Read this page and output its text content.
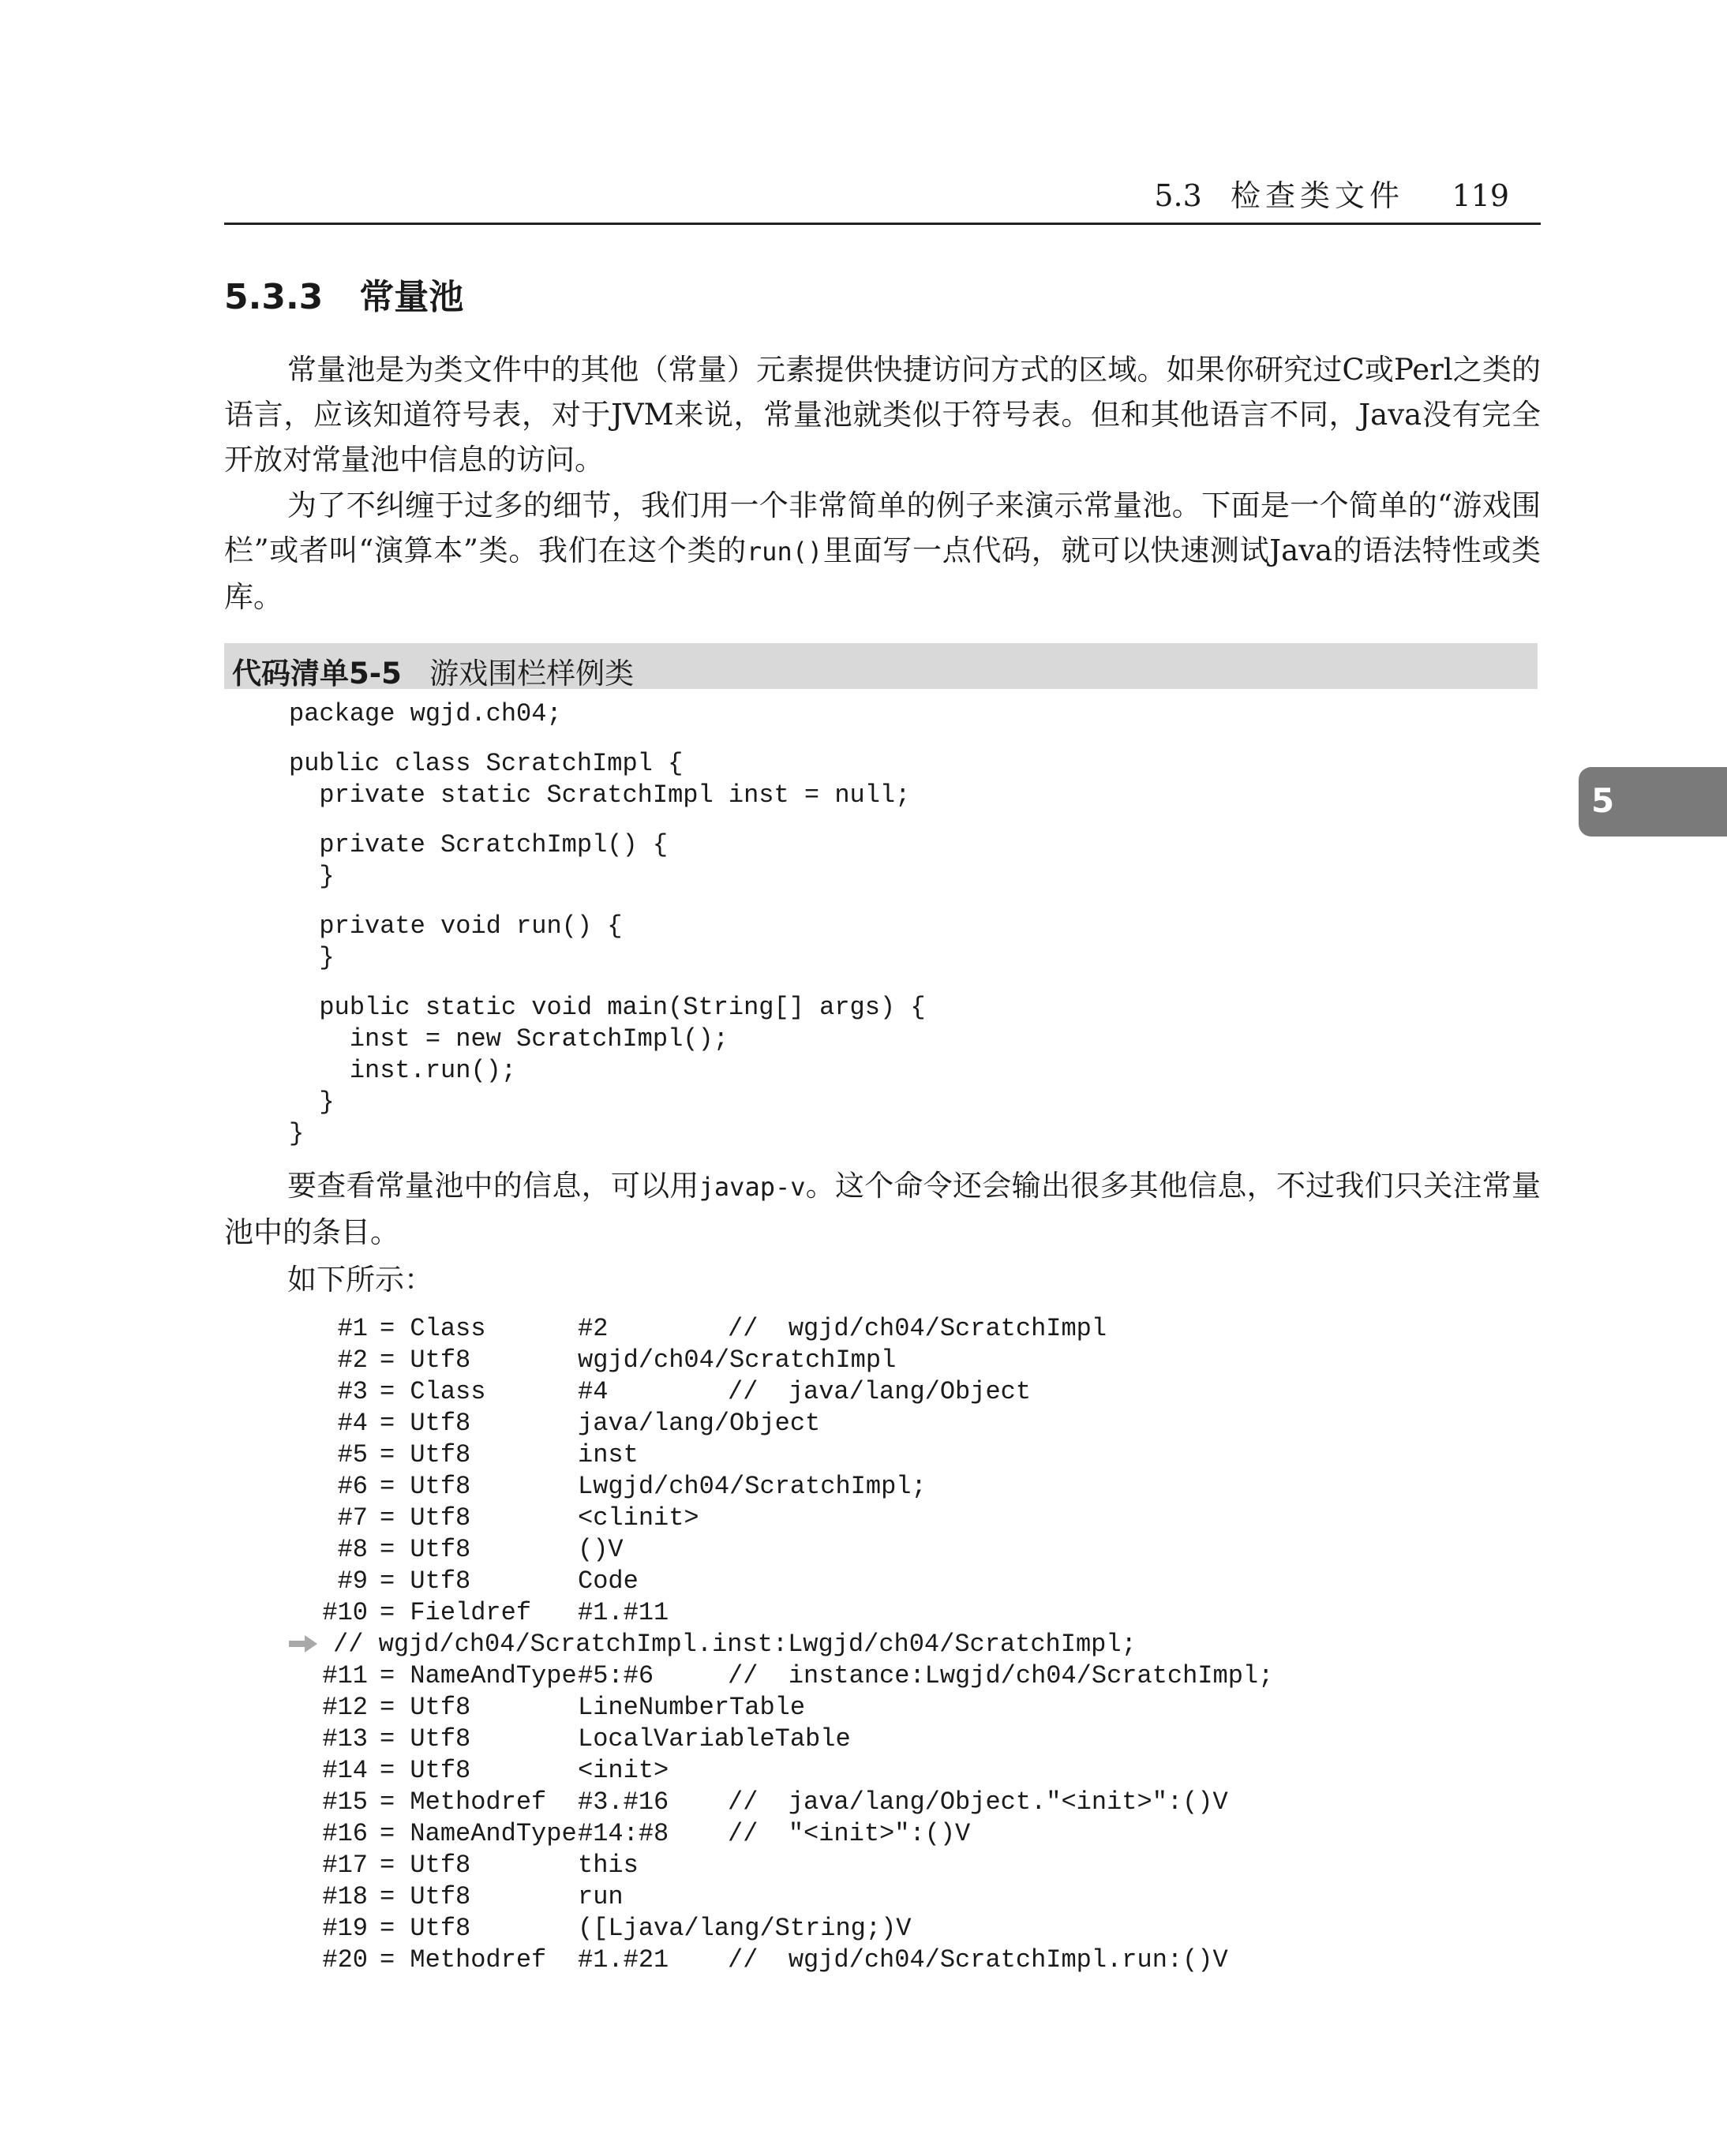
5.3 检查类文件 119
5.3.3 常量池

常量池是为类文件中的其他（常量）元素提供快捷访问方式的区域。如果你研究过C或Perl之类的语言，应该知道符号表，对于JVM来说，常量池就类似于符号表。但和其他语言不同，Java没有完全开放对常量池中信息的访问。

为了不纠缠于过多的细节，我们用一个非常简单的例子来演示常量池。下面是一个简单的“游戏围栏”或者叫“演算本”类。我们在这个类的run()里面写一点代码，就可以快速测试Java的语法特性或类库。

代码清单5-5 游戏围栏样例类
package wgjd.ch04;
public class ScratchImpl {
private static ScratchImpl inst = null;
private ScratchImpl() {
}
private void run() {
}
public static void main(String[] args) {
inst = new ScratchImpl();
inst.run();
}
}
5

要查看常量池中的信息，可以用javap-v。这个命令还会输出很多其他信息，不过我们只关注常量池中的条目。

如下所示：

#1 = Class	#2	//  wgjd/ch04/ScratchImpl
#2 = Utf8	wgjd/ch04/ScratchImpl
#3 = Class	#4	//  java/lang/Object
#4 = Utf8	java/lang/Object
#5 = Utf8	inst
#6 = Utf8	Lwgjd/ch04/ScratchImpl;
#7 = Utf8	<clinit>
#8 = Utf8	()V
#9 = Utf8	Code
#10 = Fieldref #1.#11
// wgjd/ch04/ScratchImpl.inst:Lwgjd/ch04/ScratchImpl;
#11 = NameAndType #5:#6	//  instance:Lwgjd/ch04/ScratchImpl;
#12 = Utf8	LineNumberTable
#13 = Utf8	LocalVariableTable
#14 = Utf8	<init>
#15 = Methodref #3.#16 //  java/lang/Object."<init>":()V
#16 = NameAndType #14:#8 //  "<init>":()V
#17 = Utf8	this
#18 = Utf8	run
#19 = Utf8	([Ljava/lang/String;)V
#20 = Methodref #1.#21 //  wgjd/ch04/ScratchImpl.run:()V
